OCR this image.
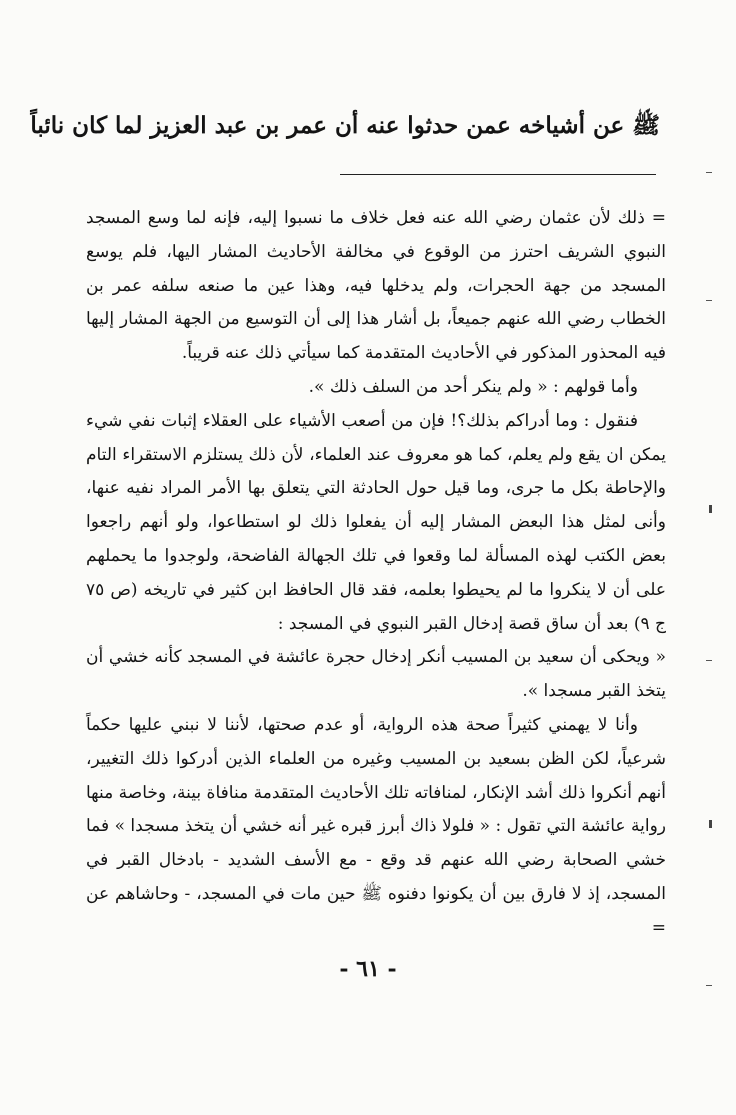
ﷺ عن أشياخه عمن حدثوا عنه أن عمر بن عبد العزيز لما كان نائباً

= ذلك لأن عثمان رضي الله عنه فعل خلاف ما نسبوا إليه، فإنه لما وسع المسجد النبوي الشريف احترز من الوقوع في مخالفة الأحاديث المشار اليها، فلم يوسع المسجد من جهة الحجرات، ولم يدخلها فيه، وهذا عين ما صنعه سلفه عمر بن الخطاب رضي الله عنهم جميعاً، بل أشار هذا إلى أن التوسيع من الجهة المشار إليها فيه المحذور المذكور في الأحاديث المتقدمة كما سيأتي ذلك عنه قريباً.

وأما قولهم : « ولم ينكر أحد من السلف ذلك ».

فنقول : وما أدراكم بذلك؟! فإن من أصعب الأشياء على العقلاء إثبات نفي شيء يمكن ان يقع ولم يعلم، كما هو معروف عند العلماء، لأن ذلك يستلزم الاستقراء التام والإحاطة بكل ما جرى، وما قيل حول الحادثة التي يتعلق بها الأمر المراد نفيه عنها، وأنى لمثل هذا البعض المشار إليه أن يفعلوا ذلك لو استطاعوا، ولو أنهم راجعوا بعض الكتب لهذه المسألة لما وقعوا في تلك الجهالة الفاضحة، ولوجدوا ما يحملهم على أن لا ينكروا ما لم يحيطوا بعلمه، فقد قال الحافظ ابن كثير في تاريخه (ص ٧٥ ج ٩) بعد أن ساق قصة إدخال القبر النبوي في المسجد :

« ويحكى أن سعيد بن المسيب أنكر إدخال حجرة عائشة في المسجد كأنه خشي أن يتخذ القبر مسجدا ».

وأنا لا يهمني كثيراً صحة هذه الرواية، أو عدم صحتها، لأننا لا نبني عليها حكماً شرعياً، لكن الظن بسعيد بن المسيب وغيره من العلماء الذين أدركوا ذلك التغيير، أنهم أنكروا ذلك أشد الإنكار، لمنافاته تلك الأحاديث المتقدمة منافاة بينة، وخاصة منها رواية عائشة التي تقول : « فلولا ذاك أبرز قبره غير أنه خشي أن يتخذ مسجدا » فما خشي الصحابة رضي الله عنهم قد وقع - مع الأسف الشديد - بادخال القبر في المسجد، إذ لا فارق بين أن يكونوا دفنوه ﷺ حين مات في المسجد، - وحاشاهم عن =

- ٦١ -
